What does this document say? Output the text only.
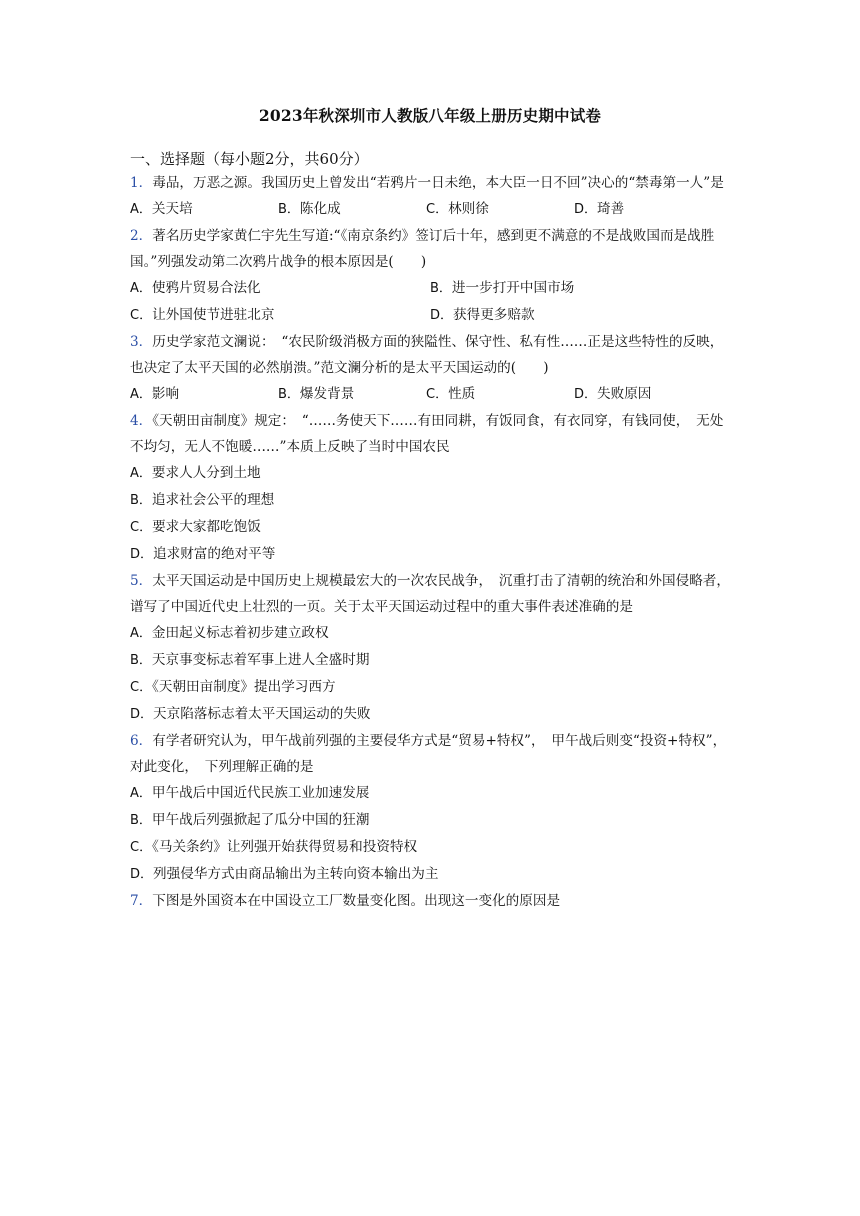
2023年秋深圳市人教版八年级上册历史期中试卷
一、选择题（每小题2分，共60分）

1．毒品，万恶之源。我国历史上曾发出“若鸦片一日未绝，本大臣一日不回”决心的“禁毒第一人”是

A．关天培	B．陈化成	C．林则徐	D．琦善

2．著名历史学家黄仁宇先生写道:“《南京条约》签订后十年，感到更不满意的不是战败国而是战胜国。”列强发动第二次鸦片战争的根本原因是(　　)

A．使鸦片贸易合法化	B．进一步打开中国市场
C．让外国使节进驻北京	D．获得更多赔款

3．历史学家范文澜说：　“农民阶级消极方面的狭隘性、保守性、私有性……正是这些特性的反映，也决定了太平天国的必然崩溃。”范文澜分析的是太平天国运动的(　　)

A．影响	B．爆发背景	C．性质	D．失败原因

4．《天朝田亩制度》规定：　“……务使天下……有田同耕，有饭同食，有衣同穿，有钱同使，　无处不均匀，无人不饱暖……”本质上反映了当时中国农民

A．要求人人分到土地

B．追求社会公平的理想

C．要求大家都吃饱饭

D．追求财富的绝对平等

5．太平天国运动是中国历史上规模最宏大的一次农民战争，　沉重打击了清朝的统治和外国侵略者，谱写了中国近代史上壮烈的一页。关于太平天国运动过程中的重大事件表述准确的是

A．金田起义标志着初步建立政权

B．天京事变标志着军事上进人全盛时期

C．《天朝田亩制度》提出学习西方

D．天京陷落标志着太平天国运动的失败

6．有学者研究认为，甲午战前列强的主要侵华方式是“贸易+特权”，　甲午战后则变“投资+特权”，　对此变化，　下列理解正确的是

A．甲午战后中国近代民族工业加速发展

B．甲午战后列强掀起了瓜分中国的狂潮

C．《马关条约》让列强开始获得贸易和投资特权

D．列强侵华方式由商品输出为主转向资本输出为主

7．下图是外国资本在中国设立工厂数量变化图。出现这一变化的原因是
